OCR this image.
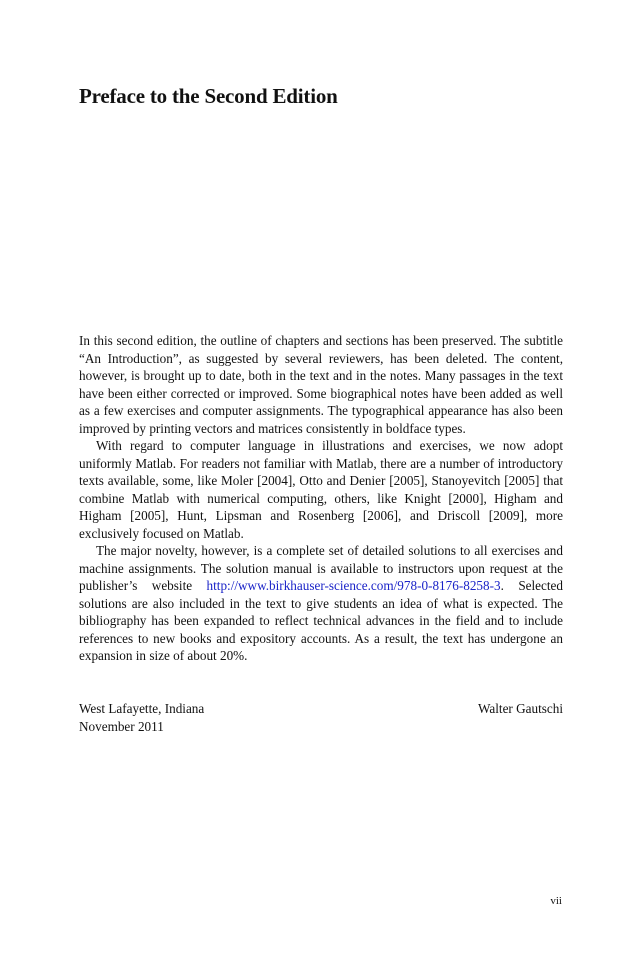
Preface to the Second Edition

In this second edition, the outline of chapters and sections has been preserved. The subtitle “An Introduction”, as suggested by several reviewers, has been deleted. The content, however, is brought up to date, both in the text and in the notes. Many passages in the text have been either corrected or improved. Some biographical notes have been added as well as a few exercises and computer assignments. The typographical appearance has also been improved by printing vectors and matrices consistently in boldface types.

With regard to computer language in illustrations and exercises, we now adopt uniformly Matlab. For readers not familiar with Matlab, there are a number of introductory texts available, some, like Moler [2004], Otto and Denier [2005], Stanoyevitch [2005] that combine Matlab with numerical computing, others, like Knight [2000], Higham and Higham [2005], Hunt, Lipsman and Rosenberg [2006], and Driscoll [2009], more exclusively focused on Matlab.

The major novelty, however, is a complete set of detailed solutions to all exercises and machine assignments. The solution manual is available to instructors upon request at the publisher’s website http://www.birkhauser-science.com/978-0-8176-8258-3. Selected solutions are also included in the text to give students an idea of what is expected. The bibliography has been expanded to reflect technical advances in the field and to include references to new books and expository accounts. As a result, the text has undergone an expansion in size of about 20%.

West Lafayette, Indiana	Walter Gautschi
November 2011
vii
